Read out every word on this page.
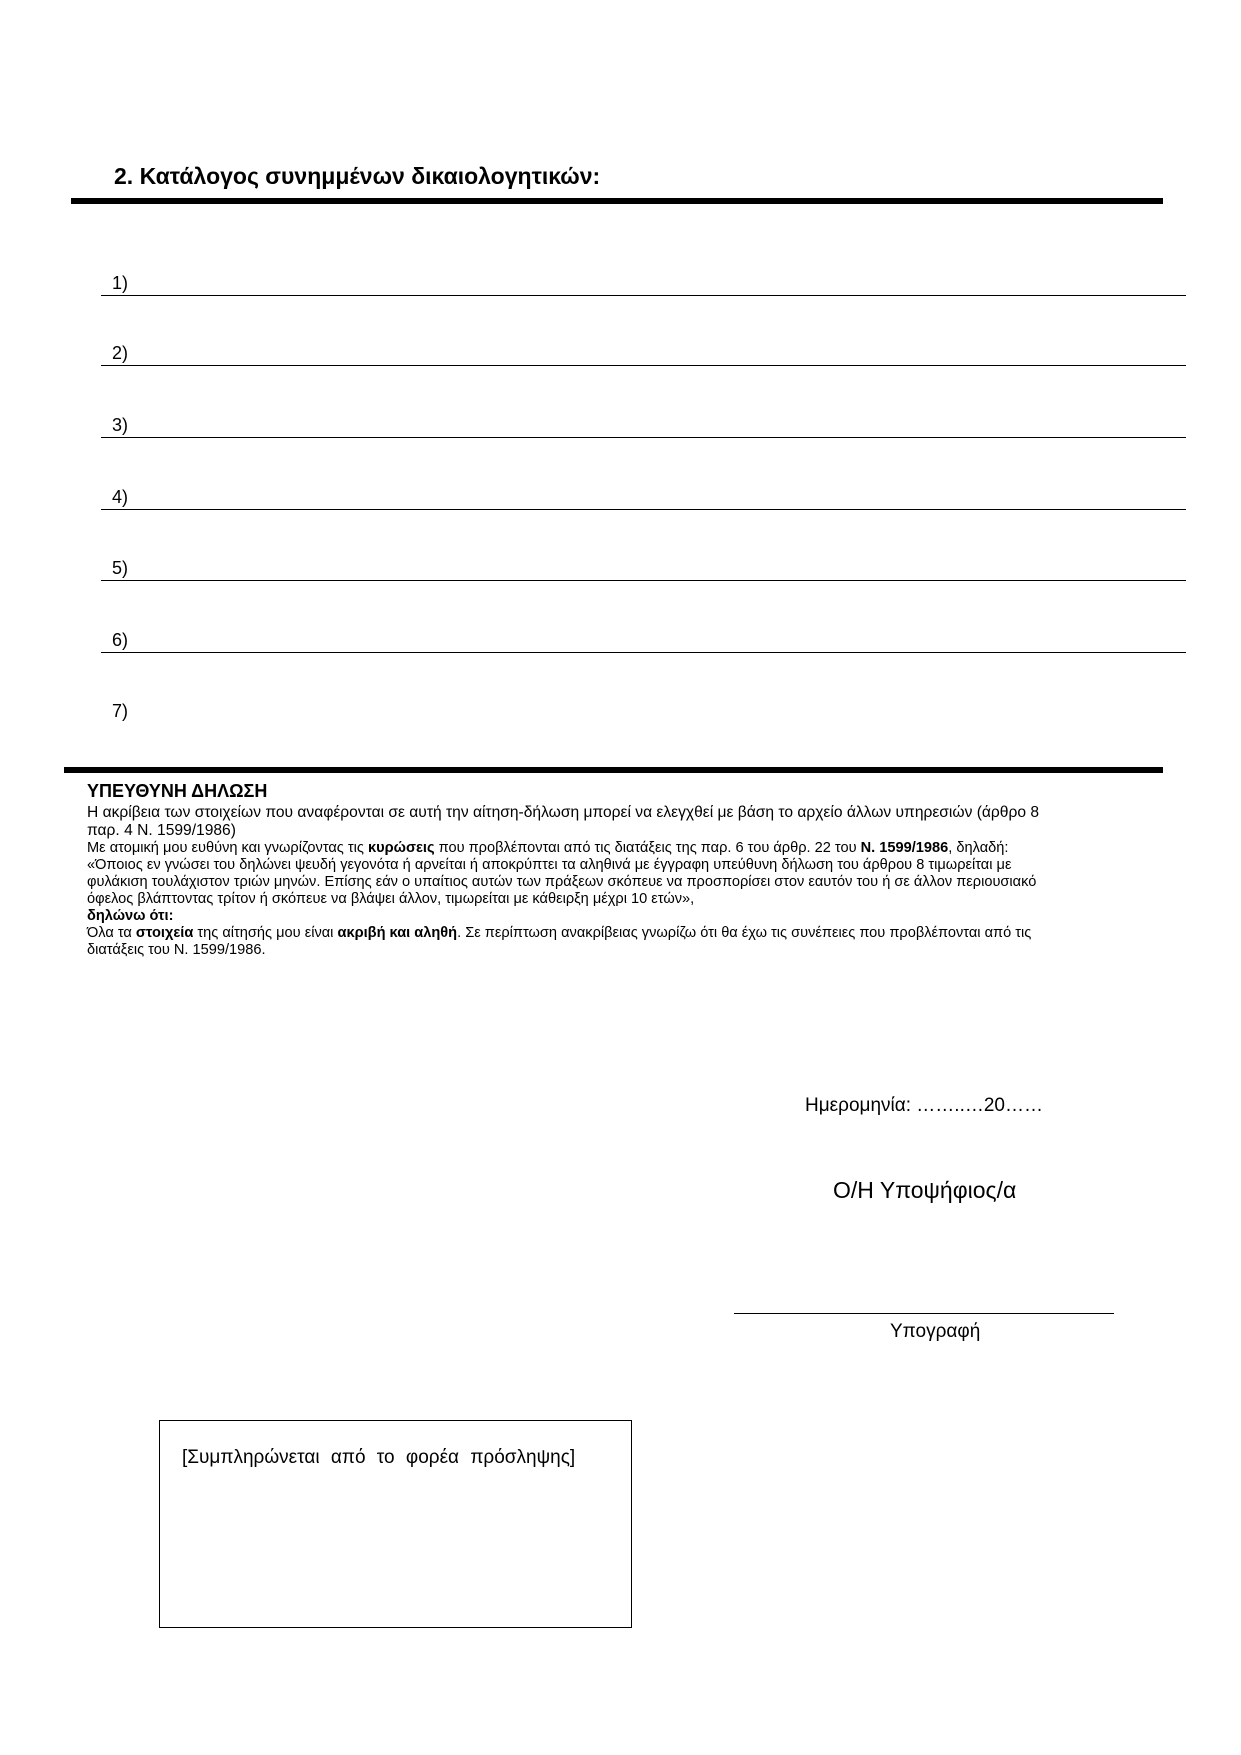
2. Κατάλογος συνημμένων δικαιολογητικών:
1)
2)
3)
4)
5)
6)
7)
ΥΠΕΥΘΥΝΗ ΔΗΛΩΣΗ

Η ακρίβεια των στοιχείων που αναφέρονται σε αυτή την αίτηση-δήλωση μπορεί να ελεγχθεί με βάση το αρχείο άλλων υπηρεσιών (άρθρο 8 παρ. 4 Ν. 1599/1986)

Με ατομική μου ευθύνη και γνωρίζοντας τις κυρώσεις που προβλέπονται από τις διατάξεις της παρ. 6 του άρθρ. 22 του Ν. 1599/1986, δηλαδή: «Όποιος εν γνώσει του δηλώνει ψευδή γεγονότα ή αρνείται ή αποκρύπτει τα αληθινά με έγγραφη υπεύθυνη δήλωση του άρθρου 8 τιμωρείται με φυλάκιση τουλάχιστον τριών μηνών. Επίσης εάν ο υπαίτιος αυτών των πράξεων σκόπευε να προσπορίσει στον εαυτόν του ή σε άλλον περιουσιακό όφελος βλάπτοντας τρίτον ή σκόπευε να βλάψει άλλον, τιμωρείται με κάθειρξη μέχρι 10 ετών»,

δηλώνω ότι:

Όλα τα στοιχεία της αίτησής μου είναι ακριβή και αληθή. Σε περίπτωση ανακρίβειας γνωρίζω ότι θα έχω τις συνέπειες που προβλέπονται από τις διατάξεις του Ν. 1599/1986.

Ημερομηνία: ……..…20……
Ο/Η Υποψήφιος/α
Υπογραφή
[Συμπληρώνεται από το φορέα πρόσληψης]
